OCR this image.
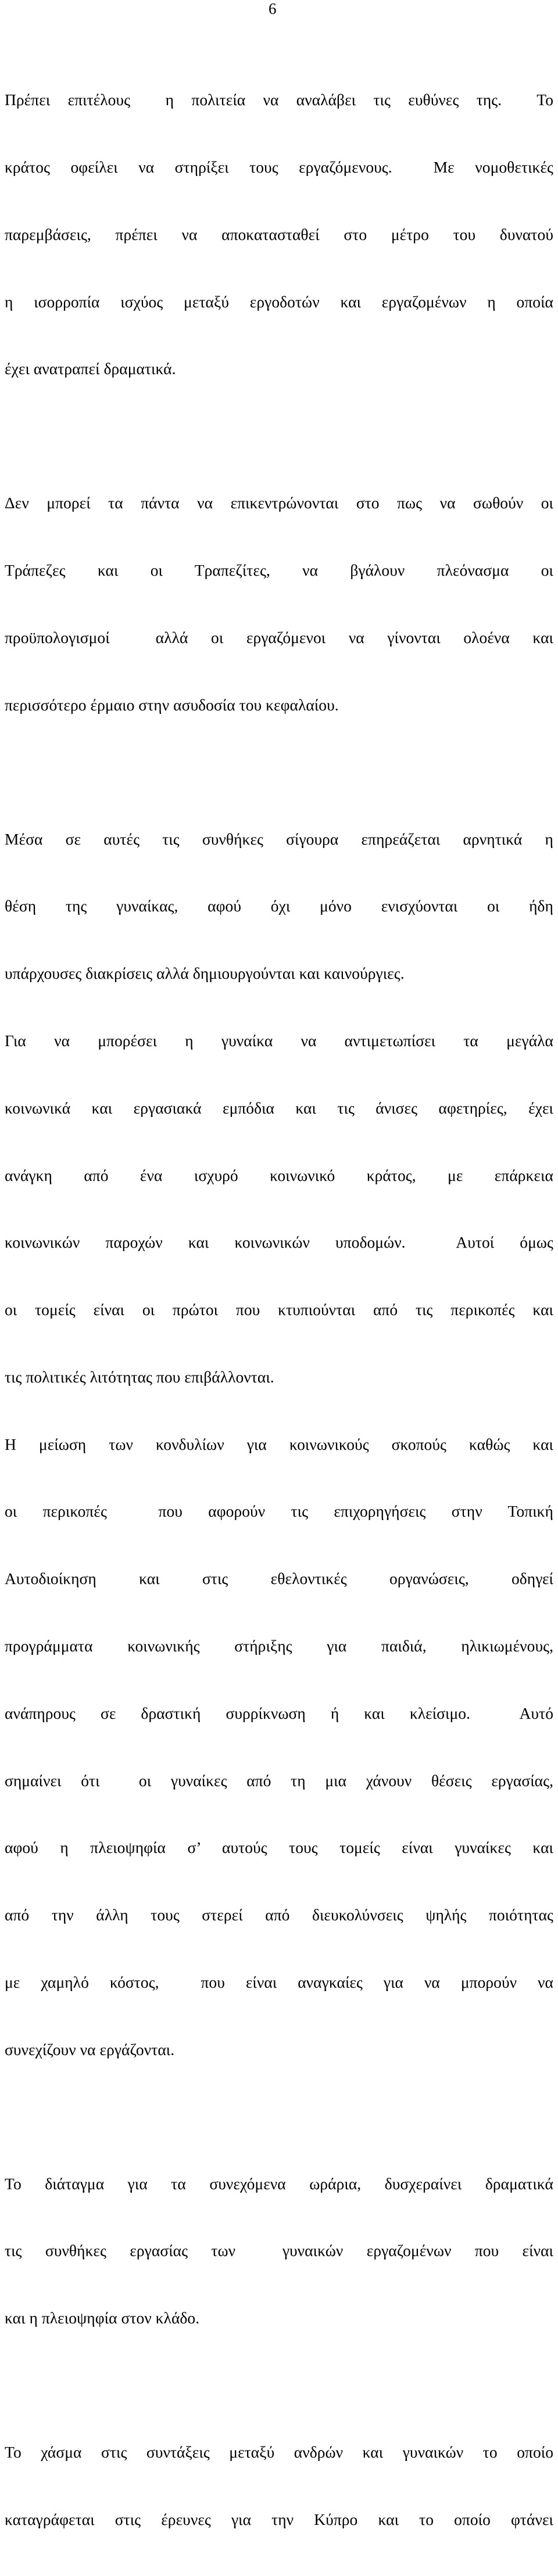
6

Πρέπει επιτέλους  η πολιτεία να αναλάβει τις ευθύνες της.  Το

κράτος οφείλει να στηρίξει τους εργαζόμενους.  Με νομοθετικές

παρεμβάσεις, πρέπει να αποκατασταθεί στο μέτρο του δυνατού

η ισορροπία ισχύος μεταξύ εργοδοτών και εργαζομένων η οποία

έχει ανατραπεί δραματικά.

Δεν μπορεί τα πάντα να επικεντρώνονται στο πως να σωθούν οι

Τράπεζες και οι Τραπεζίτες, να βγάλουν πλεόνασμα οι

προϋπολογισμοί  αλλά οι εργαζόμενοι να γίνονται ολοένα και

περισσότερο έρμαιο στην ασυδοσία του κεφαλαίου.

Μέσα σε αυτές τις συνθήκες σίγουρα επηρεάζεται αρνητικά η

θέση της γυναίκας, αφού όχι μόνο ενισχύονται οι ήδη

υπάρχουσες διακρίσεις αλλά δημιουργούνται και καινούργιες.

Για να μπορέσει η γυναίκα να αντιμετωπίσει τα μεγάλα

κοινωνικά και εργασιακά εμπόδια και τις άνισες αφετηρίες, έχει

ανάγκη από ένα ισχυρό κοινωνικό κράτος, με επάρκεια

κοινωνικών παροχών και κοινωνικών υποδομών.  Αυτοί όμως

οι τομείς είναι οι πρώτοι που κτυπιούνται από τις περικοπές και

τις πολιτικές λιτότητας που επιβάλλονται.

Η μείωση των κονδυλίων για κοινωνικούς σκοπούς καθώς και

οι περικοπές  που αφορούν τις επιχορηγήσεις στην Τοπική

Αυτοδιοίκηση και στις εθελοντικές οργανώσεις, οδηγεί

προγράμματα κοινωνικής στήριξης για παιδιά, ηλικιωμένους,

ανάπηρους σε δραστική συρρίκνωση ή και κλείσιμο.  Αυτό

σημαίνει ότι  οι γυναίκες από τη μια χάνουν θέσεις εργασίας,

αφού η πλειοψηφία σ’ αυτούς τους τομείς είναι γυναίκες και

από την άλλη τους στερεί από διευκολύνσεις ψηλής ποιότητας

με χαμηλό κόστος,  που είναι αναγκαίες για να μπορούν να

συνεχίζουν να εργάζονται.

Το διάταγμα για τα συνεχόμενα ωράρια, δυσχεραίνει δραματικά

τις συνθήκες εργασίας των  γυναικών εργαζομένων που είναι

και η πλειοψηφία στον κλάδο.

Το χάσμα στις συντάξεις μεταξύ ανδρών και γυναικών το οποίο

καταγράφεται στις έρευνες για την Κύπρο και το οποίο φτάνει
